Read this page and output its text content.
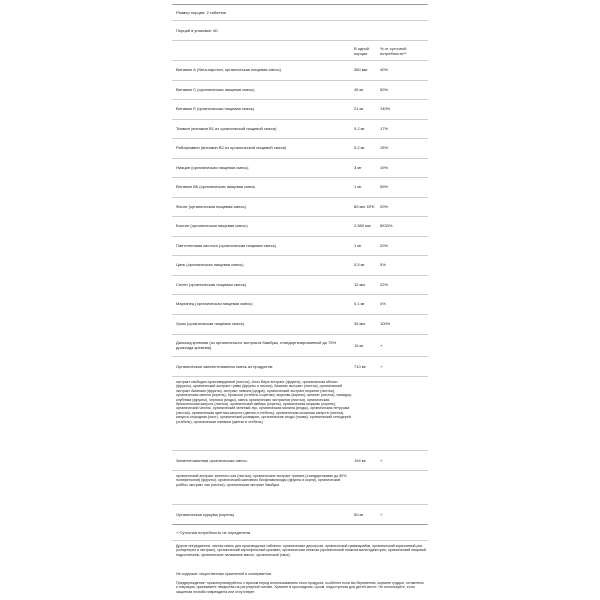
Размер порции: 2 таблетки
Порций в упаковке: 60
В одной порции
% от суточной потребности**
Витамин А (бета-каротин, органическая пищевая смесь)	360 мкг	40%
Витамин С (органическая пищевая смесь)	45 мг	50%
Витамин Е (органическая пищевая смесь)	21 мг	140%
Тиамин (витамин B1 из органической пищевой смеси)	0,2 мг	17%
Рибофлавин (витамин B2 из органической пищевой смеси)	0,2 мг	15%
Ниацин (органическая пищевая смесь)	3 мг	19%
Витамин B6 (органическая пищевая смесь	1 мг	59%
Фолат (органическая пищевая смесь)	80 мкг DFE	20%
Биотин (органическая пищевая смесь)	2,580 мкг	8533%
Пантотеновая кислота (органическая пищевая смесь)	1 мг	20%
Цинк (органическая пищевая смесь)	0,5 мг	5%
Селен (органическая пищевая смесь)	12 мкг	22%
Марганец (органическая пищевая смесь)	0,1 мг	4%
Хром (органическая пищевая смесь)	35 мкг	100%
Диоксид кремния (из органического экстракта бамбука, стандартизированный до 75% диоксида кремния)	15 мг	+
Органическая запатентованная смесь из продуктов:	710 мг	+
экстракт свободно-культивируемой (листья), Алоэ Вера экстракт (фрукты), органическая яблоко (фрукты), органический экстракт гуавы (фрукты и листья), базилик экстракт (листья), органический экстракт Амалаки (фрукты), экстракт лимона (цедра), органический экстракт моринги (листья), органическая свекла (корень), брокколи (стебель и цветки), морковь (корень), шпинат (листья), помидор, клубника (фрукты), черника (ягоды), смесь органических экстрактов (листья), органическая брюссельская капуста (листья), органический имбирь (корень), органическая морковь (корень), органический чеснок, органический зеленый лук, органическая малина (ягоды), органическая петрушка (листья), органическая цветная капуста (цветки и стебель), органическая кочанная капуста (листья), капуста огородная (лист), органический розмарин, органические ягоды (тыква), органический сельдерей (стебель), органическая ежевика (цветки и стебель)
Запатентованная органическая смесь:	194 мг	+
органический экстракт зеленого чая (листья), органические экстракт граната (стандартизован до 50% полифенолов) (фрукты), органический шиповник биофлавоноиды (фрукты и корни), органический ройбос экстракт чая (листья), органическая экстракт бамбука
Органическая куркума (корень)	50 мг	+
+ Суточная потребность не определена
Другие ингредиенты: чистая смесь для производства таблеток: органические декстроза, органический гуммиарабик, органический коричневый рис (концентрат и экстракт), органический картофельный крахмал, органическая глюкоза (органический глюкоза мальтодекстрин, органический пищевой подсолнечник, органические пальмовое масло, органический (хвоя)
Не содержит: искусственных красителей и консервантов.
Предупреждение: проконсультируйтесь с врачом перед использованием этого продукта, особенно если вы беременны, кормите грудью, готовитесь к операции, принимаете лекарства на регулярной основе. Храните в прохладном, сухом, недоступном для детей месте. Не используйте, если защитная пломба повреждена или отсутствует.
